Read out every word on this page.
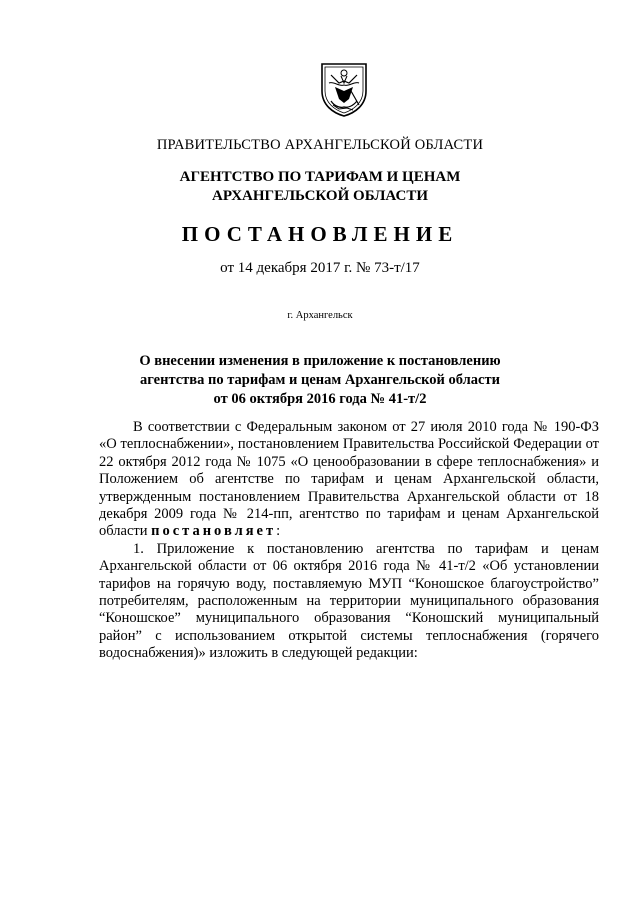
ПРАВИТЕЛЬСТВО АРХАНГЕЛЬСКОЙ ОБЛАСТИ
АГЕНТСТВО ПО ТАРИФАМ И ЦЕНАМ
АРХАНГЕЛЬСКОЙ ОБЛАСТИ
ПОСТАНОВЛЕНИЕ
от 14 декабря 2017 г. № 73-т/17
г. Архангельск
О внесении изменения в приложение к постановлению
агентства по тарифам и ценам Архангельской области
от 06 октября 2016 года № 41-т/2

В соответствии с Федеральным законом от 27 июля 2010 года № 190-ФЗ «О теплоснабжении», постановлением Правительства Российской Федерации от 22 октября 2012 года № 1075 «О ценообразовании в сфере теплоснабжения» и Положением об агентстве по тарифам и ценам Архангельской области, утвержденным постановлением Правительства Архангельской области от 18 декабря 2009 года № 214-пп, агентство по тарифам и ценам Архангельской области постановляет:

1. Приложение к постановлению агентства по тарифам и ценам Архангельской области от 06 октября 2016 года № 41-т/2 «Об установлении тарифов на горячую воду, поставляемую МУП “Коношское благоустройство” потребителям, расположенным на территории муниципального образования “Коношское” муниципального образования “Коношский муниципальный район” с использованием открытой системы теплоснабжения (горячего водоснабжения)» изложить в следующей редакции:
